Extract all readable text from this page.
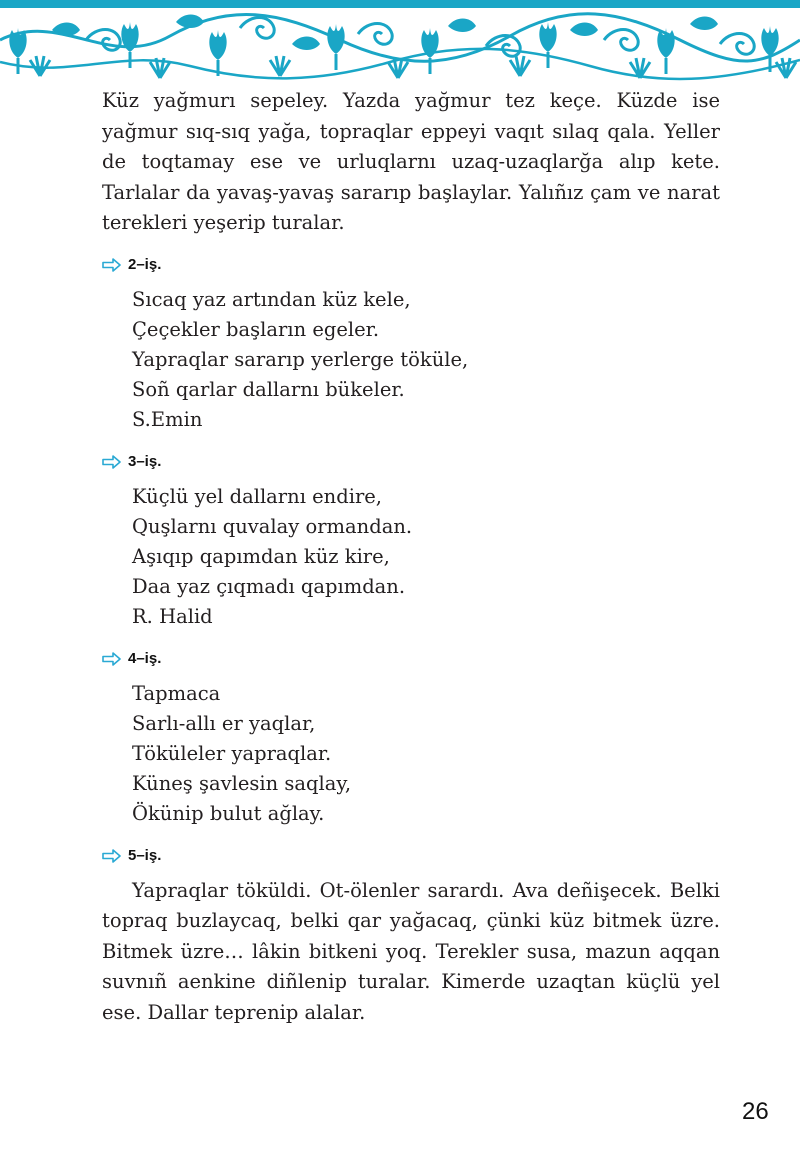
Küz yağmurı sepeley. Yazda yağmur tez keçe. Küzde ise yağmur sıq-sıq yağa, topraqlar eppeyi vaqıt sılaq qala. Yeller de toqtamay ese ve urluqlarnı uzaq-uzaqlarğa alıp kete. Tarlalar da yavaş-yavaş sararıp başlaylar. Yalıñız çam ve narat terekleri yeşerip turalar.

2–iş.
Sıcaq yaz artından küz kele,
Çeçekler başların egeler.
Yapraqlar sararıp yerlerge töküle,
Soñ qarlar dallarnı bükeler.
S.Emin
3–iş.
Küçlü yel dallarnı endire,
Quşlarnı quvalay ormandan.
Aşıqıp qapımdan küz kire,
Daa yaz çıqmadı qapımdan.
R. Halid
4–iş.
Tapmaca
Sarlı-allı er yaqlar,
Töküleler yapraqlar.
Küneş şavlesin saqlay,
Ökünip bulut ağlay.
5–iş.

Yapraqlar töküldi. Ot-ölenler sarardı. Ava deñişecek. Belki topraq buzlaycaq, belki qar yağacaq, çünki küz bitmek üzre. Bitmek üzre… lâkin bitkeni yoq. Terekler susa, mazun aqqan suvnıñ aenkine diñlenip turalar. Kimerde uzaqtan küçlü yel ese. Dallar teprenip alalar.

26
